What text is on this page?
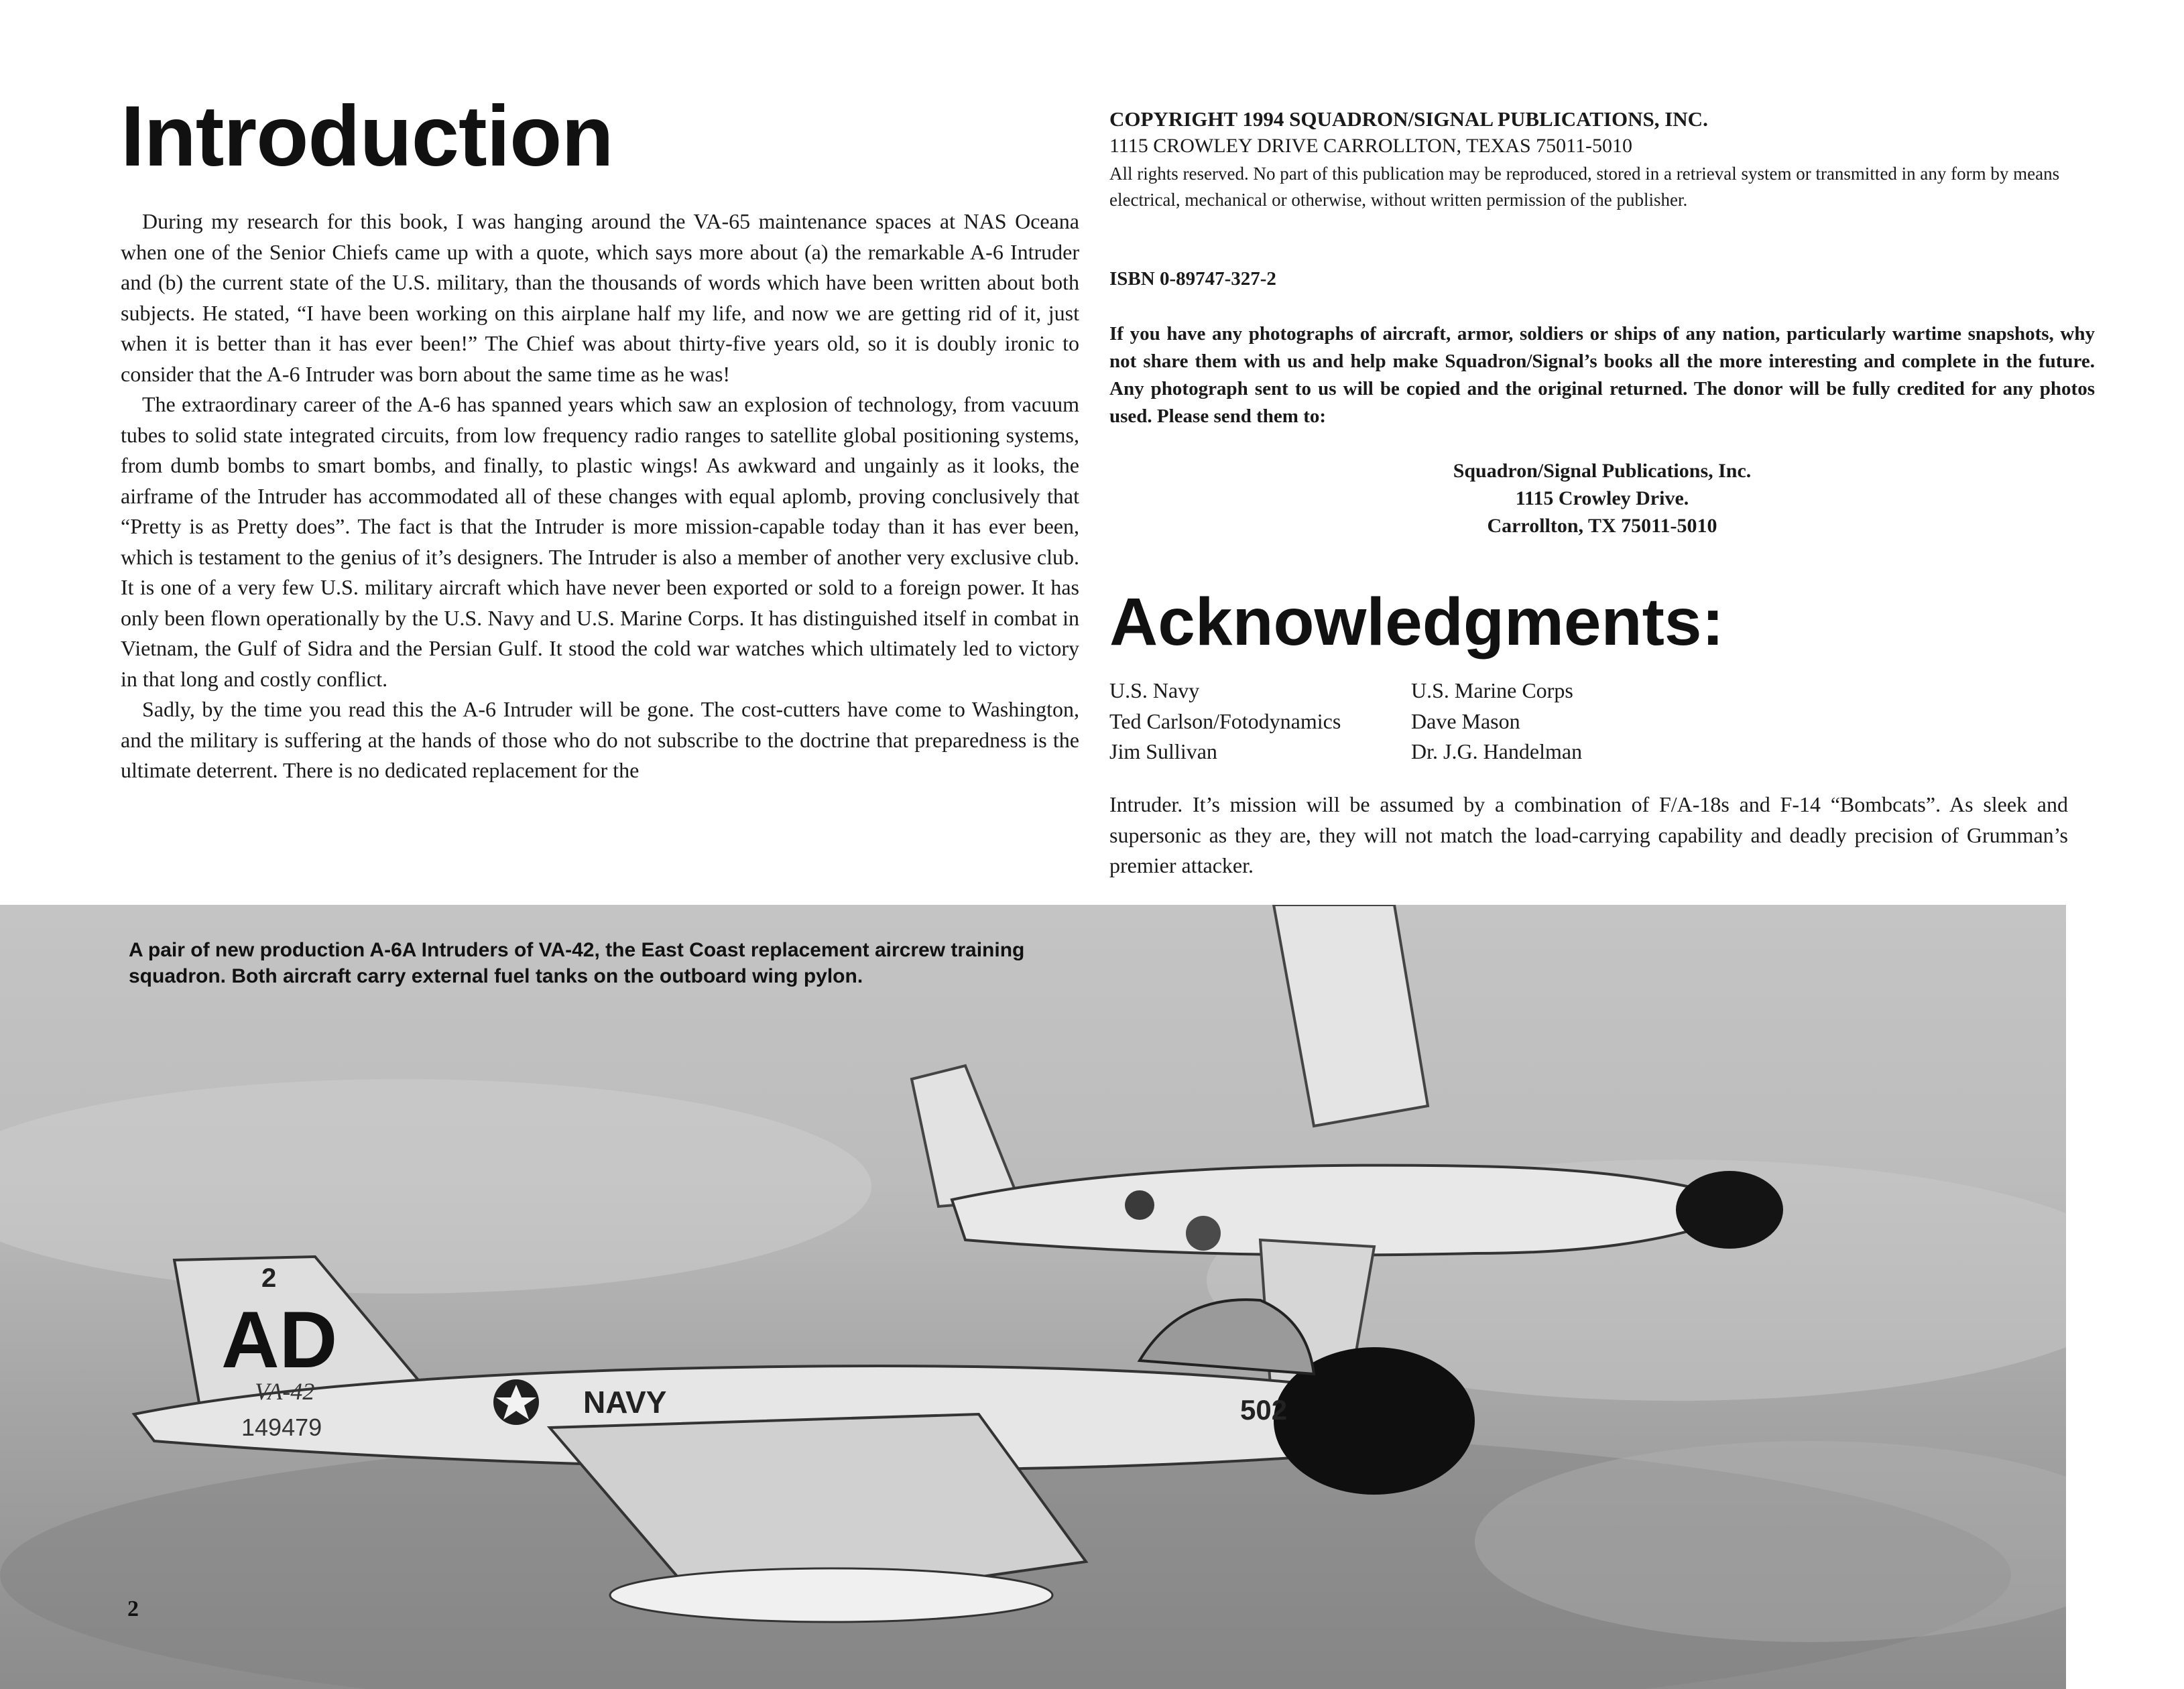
Introduction

During my research for this book, I was hanging around the VA-65 maintenance spaces at NAS Oceana when one of the Senior Chiefs came up with a quote, which says more about (a) the remarkable A-6 Intruder and (b) the current state of the U.S. military, than the thousands of words which have been written about both subjects. He stated, “I have been working on this airplane half my life, and now we are getting rid of it, just when it is better than it has ever been!” The Chief was about thirty-five years old, so it is doubly ironic to consider that the A-6 Intruder was born about the same time as he was!

The extraordinary career of the A-6 has spanned years which saw an explosion of technology, from vacuum tubes to solid state integrated circuits, from low frequency radio ranges to satellite global positioning systems, from dumb bombs to smart bombs, and finally, to plastic wings! As awkward and ungainly as it looks, the airframe of the Intruder has accommodated all of these changes with equal aplomb, proving conclusively that “Pretty is as Pretty does”. The fact is that the Intruder is more mission-capable today than it has ever been, which is testament to the genius of it’s designers. The Intruder is also a member of another very exclusive club. It is one of a very few U.S. military aircraft which have never been exported or sold to a foreign power. It has only been flown operationally by the U.S. Navy and U.S. Marine Corps. It has distinguished itself in combat in Vietnam, the Gulf of Sidra and the Persian Gulf. It stood the cold war watches which ultimately led to victory in that long and costly conflict.

Sadly, by the time you read this the A-6 Intruder will be gone. The cost-cutters have come to Washington, and the military is suffering at the hands of those who do not subscribe to the doctrine that preparedness is the ultimate deterrent. There is no dedicated replacement for the

COPYRIGHT 1994 SQUADRON/SIGNAL PUBLICATIONS, INC.
1115 CROWLEY DRIVE CARROLLTON, TEXAS 75011-5010
All rights reserved. No part of this publication may be reproduced, stored in a retrieval system or transmitted in any form by means electrical, mechanical or otherwise, without written permission of the publisher.
ISBN 0-89747-327-2
If you have any photographs of aircraft, armor, soldiers or ships of any nation, particularly wartime snapshots, why not share them with us and help make Squadron/Signal’s books all the more interesting and complete in the future. Any photograph sent to us will be copied and the original returned. The donor will be fully credited for any photos used. Please send them to:
Squadron/Signal Publications, Inc.
1115 Crowley Drive.
Carrollton, TX 75011-5010
Acknowledgments:
U.S. Navy	U.S. Marine Corps
Ted Carlson/Fotodynamics	Dave Mason
Jim Sullivan	Dr. J.G. Handelman
Intruder. It’s mission will be assumed by a combination of F/A-18s and F-14 “Bombcats”. As sleek and supersonic as they are, they will not match the load-carrying capability and deadly precision of Grumman’s premier attacker.
2
AD
VA-42
149479
NAVY	502
A pair of new production A-6A Intruders of VA-42, the East Coast replacement aircrew training squadron. Both aircraft carry external fuel tanks on the outboard wing pylon.
2
